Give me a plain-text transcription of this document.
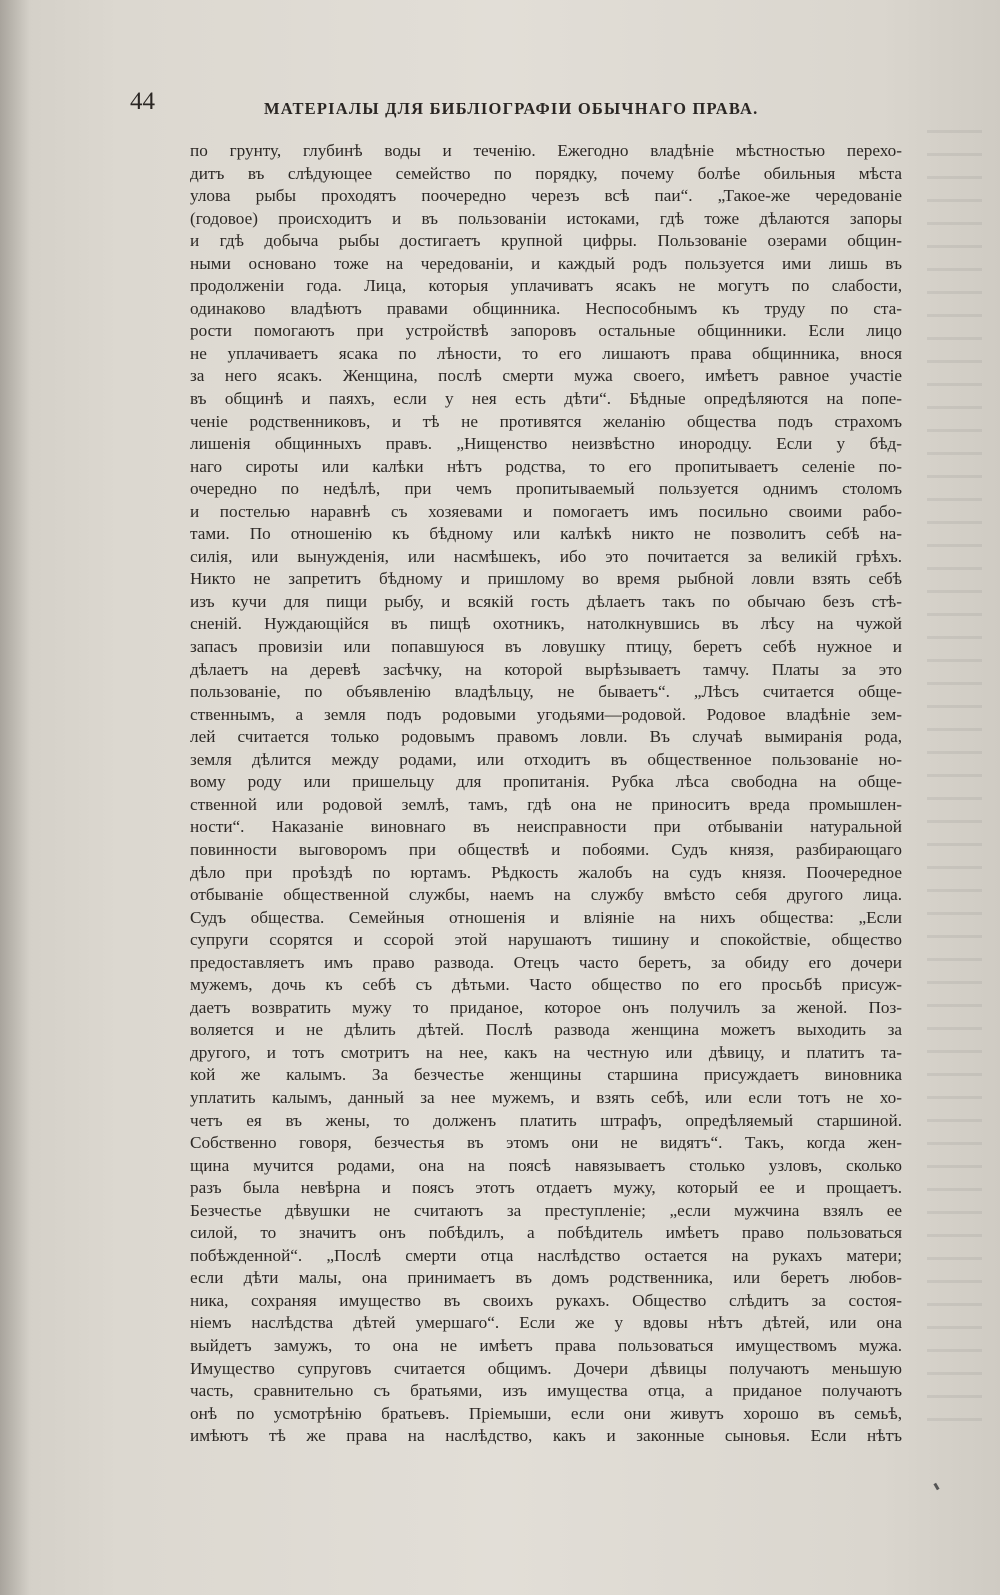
44	МАТЕРІАЛЫ ДЛЯ БИБЛІОГРАФІИ ОБЫЧНАГО ПРАВА.
по грунту, глубинѣ воды и теченію. Ежегодно владѣніе мѣстностью перехо-
дитъ въ слѣдующее семейство по порядку, почему болѣе обильныя мѣста
улова рыбы проходятъ поочередно черезъ всѣ паи“. „Такое-же чередованіе
(годовое) происходитъ и въ пользованіи истоками, гдѣ тоже дѣлаются запоры
и гдѣ добыча рыбы достигаетъ крупной цифры. Пользованіе озерами общин-
ными основано тоже на чередованіи, и каждый родъ пользуется ими лишь въ
продолженіи года. Лица, которыя уплачиватъ ясакъ не могутъ по слабости,
одинаково владѣютъ правами общинника. Неспособнымъ къ труду по ста-
рости помогаютъ при устройствѣ запоровъ остальные общинники. Если лицо
не уплачиваетъ ясака по лѣности, то его лишаютъ права общинника, внося
за него ясакъ. Женщина, послѣ смерти мужа своего, имѣетъ равное участіе
въ общинѣ и паяхъ, если у нея есть дѣти“. Бѣдные опредѣляются на попе-
ченіе родственниковъ, и тѣ не противятся желанію общества подъ страхомъ
лишенія общинныхъ правъ. „Нищенство неизвѣстно инородцу. Если у бѣд-
наго сироты или калѣки нѣтъ родства, то его пропитываетъ селеніе по-
очередно по недѣлѣ, при чемъ пропитываемый пользуется однимъ столомъ
и постелью наравнѣ съ хозяевами и помогаетъ имъ посильно своими рабо-
тами. По отношенію къ бѣдному или калѣкѣ никто не позволитъ себѣ на-
силія, или вынужденія, или насмѣшекъ, ибо это почитается за великій грѣхъ.
Никто не запретитъ бѣдному и пришлому во время рыбной ловли взять себѣ
изъ кучи для пищи рыбу, и всякій гость дѣлаетъ такъ по обычаю безъ стѣ-
сненій. Нуждающійся въ пищѣ охотникъ, натолкнувшись въ лѣсу на чужой
запасъ провизіи или попавшуюся въ ловушку птицу, беретъ себѣ нужное и
дѣлаетъ на деревѣ засѣчку, на которой вырѣзываетъ тамчу. Платы за это
пользованіе, по объявленію владѣльцу, не бываетъ“. „Лѣсъ считается обще-
ственнымъ, а земля подъ родовыми угодьями—родовой. Родовое владѣніе зем-
лей считается только родовымъ правомъ ловли. Въ случаѣ вымиранія рода,
земля дѣлится между родами, или отходитъ въ общественное пользованіе но-
вому роду или пришельцу для пропитанія. Рубка лѣса свободна на обще-
ственной или родовой землѣ, тамъ, гдѣ она не приноситъ вреда промышлен-
ности“. Наказаніе виновнаго въ неисправности при отбываніи натуральной
повинности выговоромъ при обществѣ и побоями. Судъ князя, разбирающаго
дѣло при проѣздѣ по юртамъ. Рѣдкость жалобъ на судъ князя. Поочередное
отбываніе общественной службы, наемъ на службу вмѣсто себя другого лица.
Судъ общества. Семейныя отношенія и вліяніе на нихъ общества: „Если
супруги ссорятся и ссорой этой нарушаютъ тишину и спокойствіе, общество
предоставляетъ имъ право развода. Отецъ часто беретъ, за обиду его дочери
мужемъ, дочь къ себѣ съ дѣтьми. Часто общество по его просьбѣ присуж-
даетъ возвратить мужу то приданое, которое онъ получилъ за женой. Поз-
воляется и не дѣлить дѣтей. Послѣ развода женщина можетъ выходить за
другого, и тотъ смотритъ на нее, какъ на честную или дѣвицу, и платитъ та-
кой же калымъ. За безчестье женщины старшина присуждаетъ виновника
уплатить калымъ, данный за нее мужемъ, и взять себѣ, или если тотъ не хо-
четъ ея въ жены, то долженъ платить штрафъ, опредѣляемый старшиной.
Собственно говоря, безчестья въ этомъ они не видятъ“. Такъ, когда жен-
щина мучится родами, она на поясѣ навязываетъ столько узловъ, сколько
разъ была невѣрна и поясъ этотъ отдаетъ мужу, который ее и прощаетъ.
Безчестье дѣвушки не считаютъ за преступленіе; „если мужчина взялъ ее
силой, то значитъ онъ побѣдилъ, а побѣдитель имѣетъ право пользоваться
побѣжденной“. „Послѣ смерти отца наслѣдство остается на рукахъ матери;
если дѣти малы, она принимаетъ въ домъ родственника, или беретъ любов-
ника, сохраняя имущество въ своихъ рукахъ. Общество слѣдитъ за состоя-
ніемъ наслѣдства дѣтей умершаго“. Если же у вдовы нѣтъ дѣтей, или она
выйдетъ замужъ, то она не имѣетъ права пользоваться имуществомъ мужа.
Имущество супруговъ считается общимъ. Дочери дѣвицы получаютъ меньшую
часть, сравнительно съ братьями, изъ имущества отца, а приданое получаютъ
онѣ по усмотрѣнію братьевъ. Пріемыши, если они живутъ хорошо въ семьѣ,
имѣютъ тѣ же права на наслѣдство, какъ и законные сыновья. Если нѣтъ
